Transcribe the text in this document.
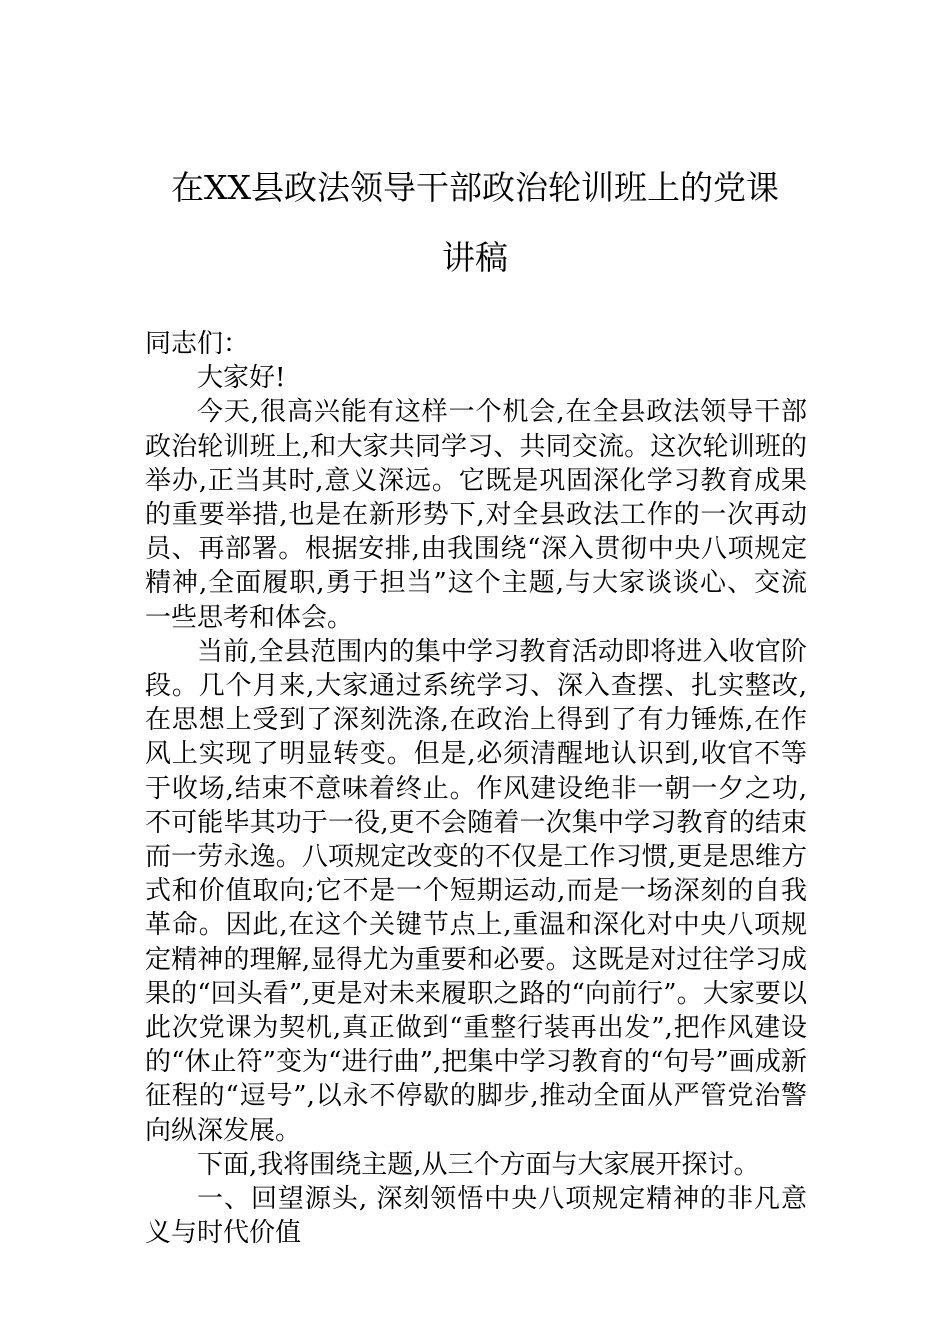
在XX县政法领导干部政治轮训班上的党课
讲稿

同志们：

大家好!

今天,很高兴能有这样一个机会,在全县政法领导干部政治轮训班上,和大家共同学习、共同交流。这次轮训班的举办,正当其时,意义深远。它既是巩固深化学习教育成果的重要举措,也是在新形势下,对全县政法工作的一次再动员、再部署。根据安排,由我围绕“深入贯彻中央八项规定精神,全面履职,勇于担当”这个主题,与大家谈谈心、交流一些思考和体会。

当前,全县范围内的集中学习教育活动即将进入收官阶段。几个月来,大家通过系统学习、深入查摆、扎实整改,在思想上受到了深刻洗涤,在政治上得到了有力锤炼,在作风上实现了明显转变。但是,必须清醒地认识到,收官不等于收场,结束不意味着终止。作风建设绝非一朝一夕之功,不可能毕其功于一役,更不会随着一次集中学习教育的结束而一劳永逸。八项规定改变的不仅是工作习惯,更是思维方式和价值取向;它不是一个短期运动,而是一场深刻的自我革命。因此,在这个关键节点上,重温和深化对中央八项规定精神的理解,显得尤为重要和必要。这既是对过往学习成果的“回头看”,更是对未来履职之路的“向前行”。大家要以此次党课为契机,真正做到“重整行装再出发”,把作风建设的“休止符”变为“进行曲”,把集中学习教育的“句号”画成新征程的“逗号”,以永不停歇的脚步,推动全面从严管党治警向纵深发展。

下面,我将围绕主题,从三个方面与大家展开探讨。

一、回望源头, 深刻领悟中央八项规定精神的非凡意义与时代价值
